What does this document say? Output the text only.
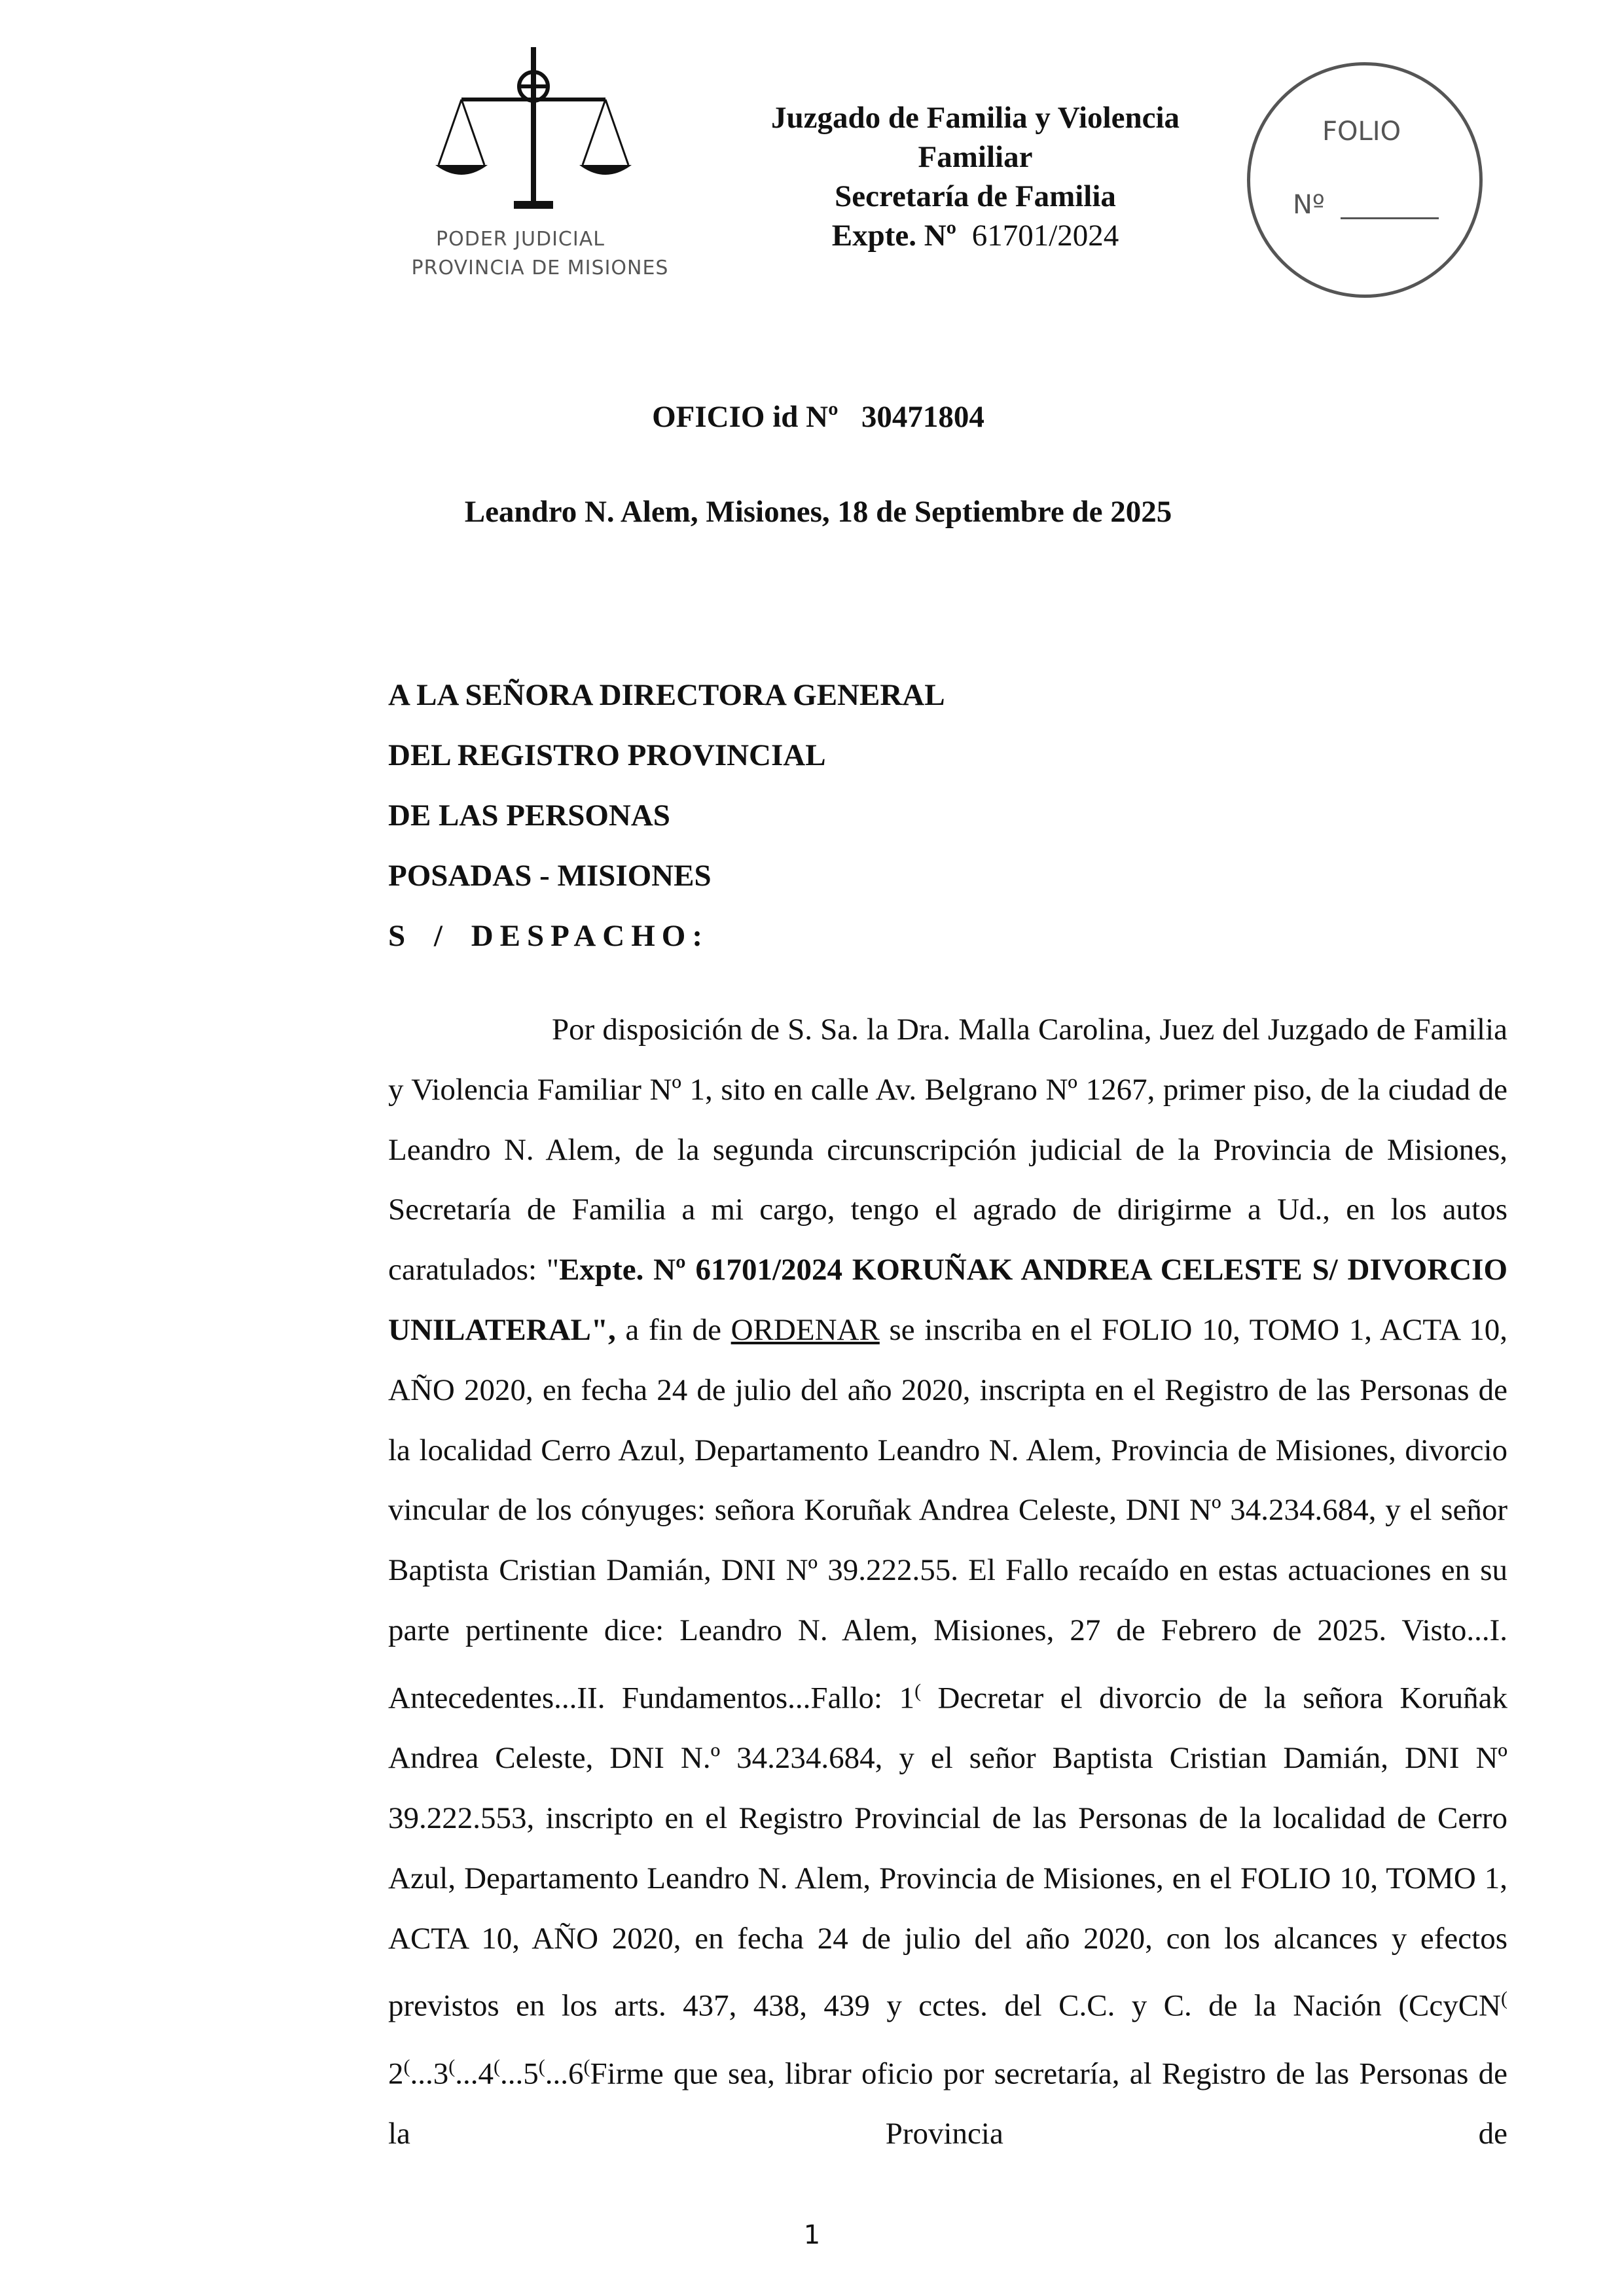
PODER JUDICIAL
PROVINCIA DE MISIONES
Juzgado de Familia y Violencia
Familiar
Secretaría de Familia
Expte. Nº 61701/2024
FOLIO
Nº
OFICIO id Nº 30471804
Leandro N. Alem, Misiones, 18 de Septiembre de 2025
A LA SEÑORA DIRECTORA GENERAL
DEL REGISTRO PROVINCIAL
DE LAS PERSONAS
POSADAS - MISIONES
S / DESPACHO:
Por disposición de S. Sa. la Dra. Malla Carolina, Juez del Juzgado de Familia y Violencia Familiar Nº 1, sito en calle Av. Belgrano Nº 1267, primer piso, de la ciudad de Leandro N. Alem, de la segunda circunscripción judicial de la Provincia de Misiones, Secretaría de Familia a mi cargo, tengo el agrado de dirigirme a Ud., en los autos caratulados: "Expte. Nº 61701/2024 KORUÑAK ANDREA CELESTE S/ DIVORCIO UNILATERAL", a fin de ORDENAR se inscriba en el FOLIO 10, TOMO 1, ACTA 10, AÑO 2020, en fecha 24 de julio del año 2020, inscripta en el Registro de las Personas de la localidad Cerro Azul, Departamento Leandro N. Alem, Provincia de Misiones, divorcio vincular de los cónyuges: señora Koruñak Andrea Celeste, DNI Nº 34.234.684, y el señor Baptista Cristian Damián, DNI Nº 39.222.55. El Fallo recaído en estas actuaciones en su parte pertinente dice: Leandro N. Alem, Misiones, 27 de Febrero de 2025. Visto...I. Antecedentes...II. Fundamentos...Fallo: 1( Decretar el divorcio de la señora Koruñak Andrea Celeste, DNI N.º 34.234.684, y el señor Baptista Cristian Damián, DNI Nº 39.222.553, inscripto en el Registro Provincial de las Personas de la localidad de Cerro Azul, Departamento Leandro N. Alem, Provincia de Misiones, en el FOLIO 10, TOMO 1, ACTA 10, AÑO 2020, en fecha 24 de julio del año 2020, con los alcances y efectos previstos en los arts. 437, 438, 439 y cctes. del C.C. y C. de la Nación (CcyCN( 2(...3(...4(...5(...6(Firme que sea, librar oficio por secretaría, al Registro de las Personas de la Provincia de
1
